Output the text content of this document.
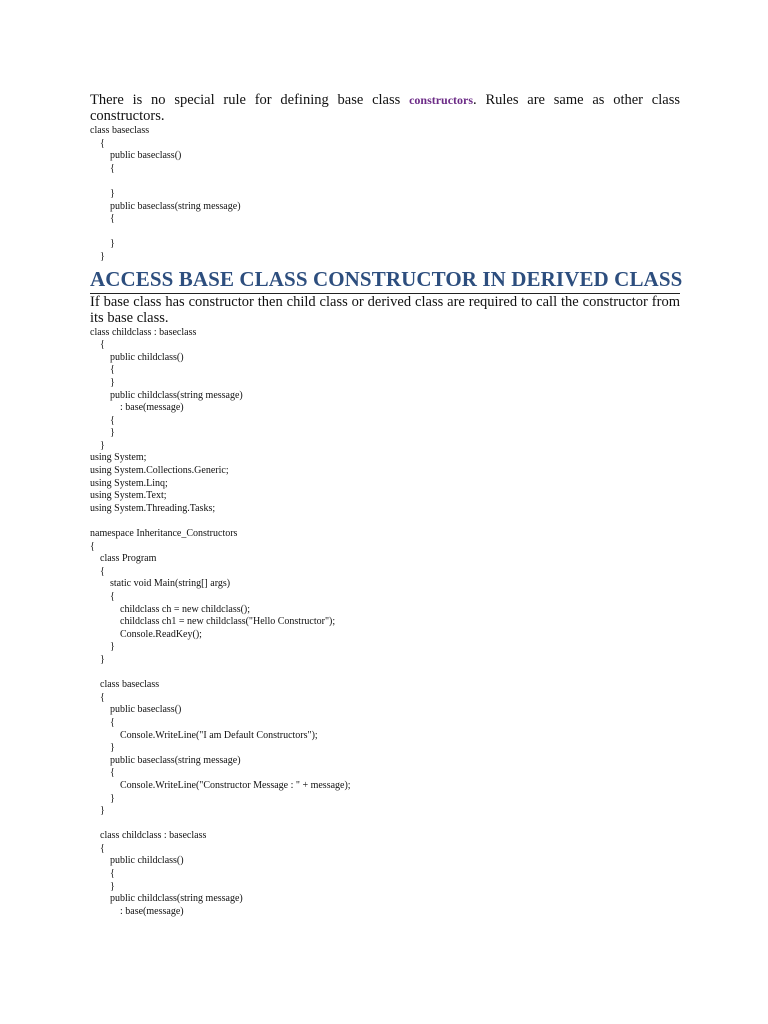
There is no special rule for defining base class constructors. Rules are same as other class constructors.

class baseclass
{
public baseclass()
{

}
public baseclass(string message)
{

}
}
ACCESS BASE CLASS CONSTRUCTOR IN DERIVED CLASS

If base class has constructor then child class or derived class are required to call the constructor from its base class.

class childclass : baseclass
{
public childclass()
{
}
public childclass(string message)
: base(message)
{
}
}
using System;
using System.Collections.Generic;
using System.Linq;
using System.Text;
using System.Threading.Tasks;

namespace Inheritance_Constructors
{
class Program
{
static void Main(string[] args)
{
childclass ch = new childclass();
childclass ch1 = new childclass("Hello Constructor");
Console.ReadKey();
}
}

class baseclass
{
public baseclass()
{
Console.WriteLine("I am Default Constructors");
}
public baseclass(string message)
{
Console.WriteLine("Constructor Message : " + message);
}
}

class childclass : baseclass
{
public childclass()
{
}
public childclass(string message)
: base(message)
